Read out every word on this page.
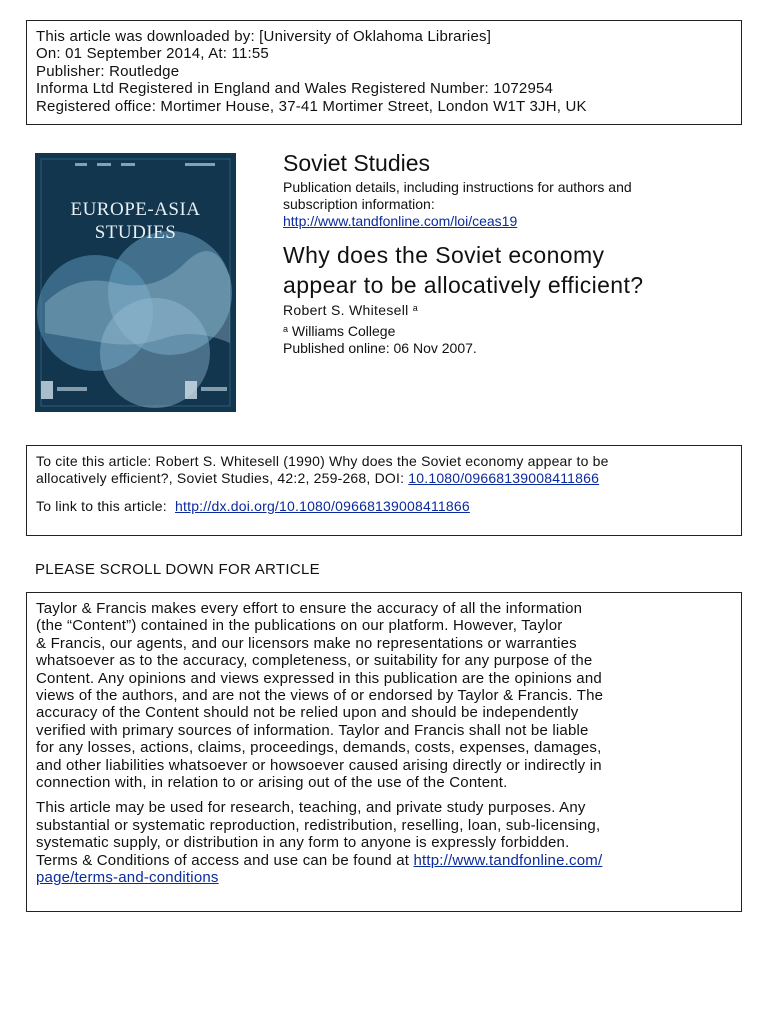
This article was downloaded by: [University of Oklahoma Libraries]
On: 01 September 2014, At: 11:55
Publisher: Routledge
Informa Ltd Registered in England and Wales Registered Number: 1072954
Registered office: Mortimer House, 37-41 Mortimer Street, London W1T 3JH, UK
EUROPE-ASIA
STUDIES
Soviet Studies
Publication details, including instructions for authors and
subscription information:
http://www.tandfonline.com/loi/ceas19
Why does the Soviet economy
appear to be allocatively efficient?
Robert S. Whitesell $^a$
$^a$ Williams College
Published online: 06 Nov 2007.
To cite this article: Robert S. Whitesell (1990) Why does the Soviet economy appear to be
allocatively efficient?, Soviet Studies, 42:2, 259-268, DOI: 10.1080/09668139008411866
To link to this article:  http://dx.doi.org/10.1080/09668139008411866
PLEASE SCROLL DOWN FOR ARTICLE
Taylor & Francis makes every effort to ensure the accuracy of all the information
(the “Content”) contained in the publications on our platform. However, Taylor
& Francis, our agents, and our licensors make no representations or warranties
whatsoever as to the accuracy, completeness, or suitability for any purpose of the
Content. Any opinions and views expressed in this publication are the opinions and
views of the authors, and are not the views of or endorsed by Taylor & Francis. The
accuracy of the Content should not be relied upon and should be independently
verified with primary sources of information. Taylor and Francis shall not be liable
for any losses, actions, claims, proceedings, demands, costs, expenses, damages,
and other liabilities whatsoever or howsoever caused arising directly or indirectly in
connection with, in relation to or arising out of the use of the Content.
This article may be used for research, teaching, and private study purposes. Any
substantial or systematic reproduction, redistribution, reselling, loan, sub-licensing,
systematic supply, or distribution in any form to anyone is expressly forbidden.
Terms & Conditions of access and use can be found at http://www.tandfonline.com/
page/terms-and-conditions
